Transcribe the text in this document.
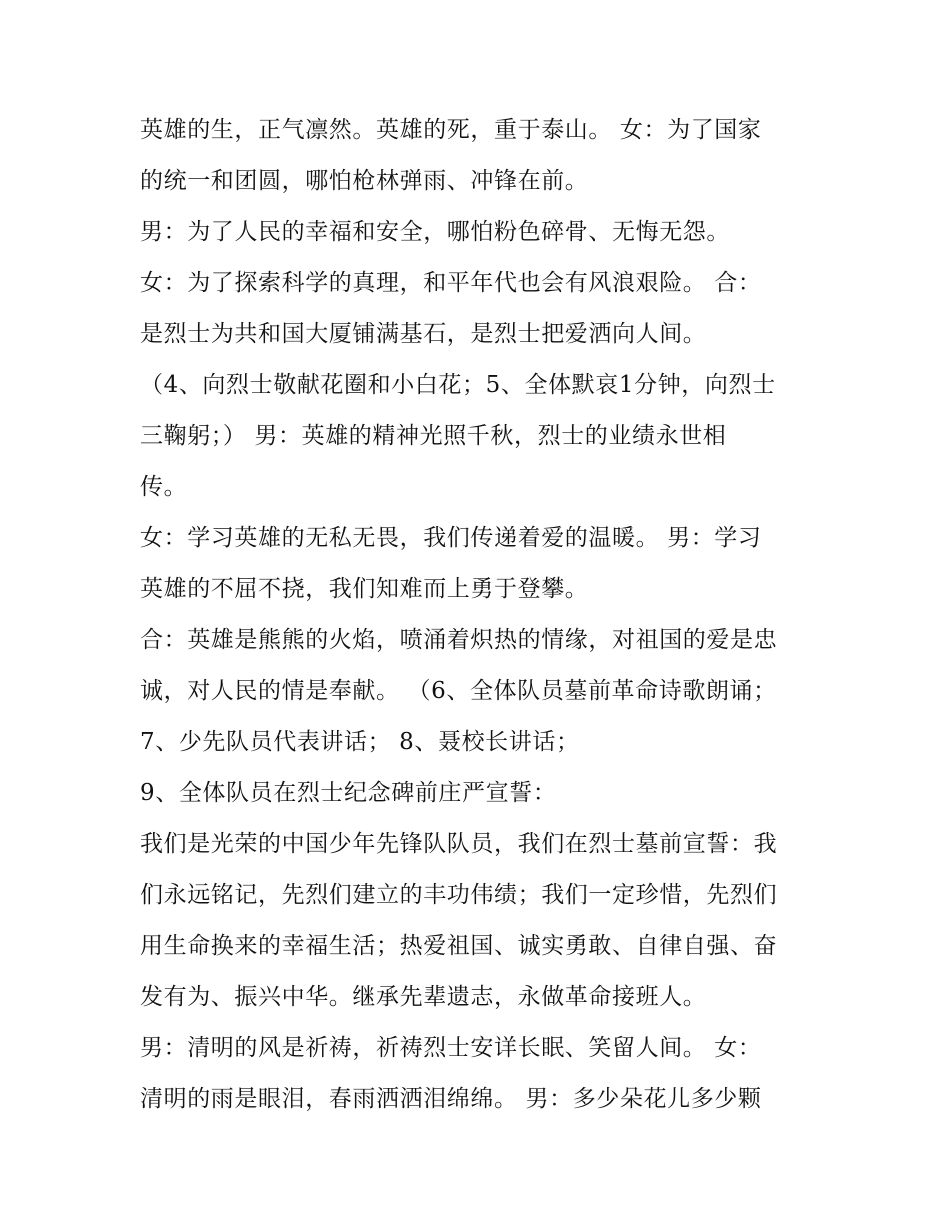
英雄的生，正气凛然。英雄的死，重于泰山。 女：为了国家
的统一和团圆，哪怕枪林弹雨、冲锋在前。
男：为了人民的幸福和安全，哪怕粉色碎骨、无悔无怨。
女：为了探索科学的真理，和平年代也会有风浪艰险。 合：
是烈士为共和国大厦铺满基石，是烈士把爱洒向人间。
（4、向烈士敬献花圈和小白花；5、全体默哀1分钟，向烈士
三鞠躬；） 男：英雄的精神光照千秋，烈士的业绩永世相
传。
女：学习英雄的无私无畏，我们传递着爱的温暖。 男：学习
英雄的不屈不挠，我们知难而上勇于登攀。
合：英雄是熊熊的火焰，喷涌着炽热的情缘，对祖国的爱是忠
诚，对人民的情是奉献。 （6、全体队员墓前革命诗歌朗诵；
7、少先队员代表讲话； 8、聂校长讲话；
9、全体队员在烈士纪念碑前庄严宣誓：
我们是光荣的中国少年先锋队队员，我们在烈士墓前宣誓：我
们永远铭记，先烈们建立的丰功伟绩；我们一定珍惜，先烈们
用生命换来的幸福生活；热爱祖国、诚实勇敢、自律自强、奋
发有为、振兴中华。继承先辈遗志，永做革命接班人。
男：清明的风是祈祷，祈祷烈士安详长眠、笑留人间。 女：
清明的雨是眼泪，春雨洒洒泪绵绵。 男：多少朵花儿多少颗
